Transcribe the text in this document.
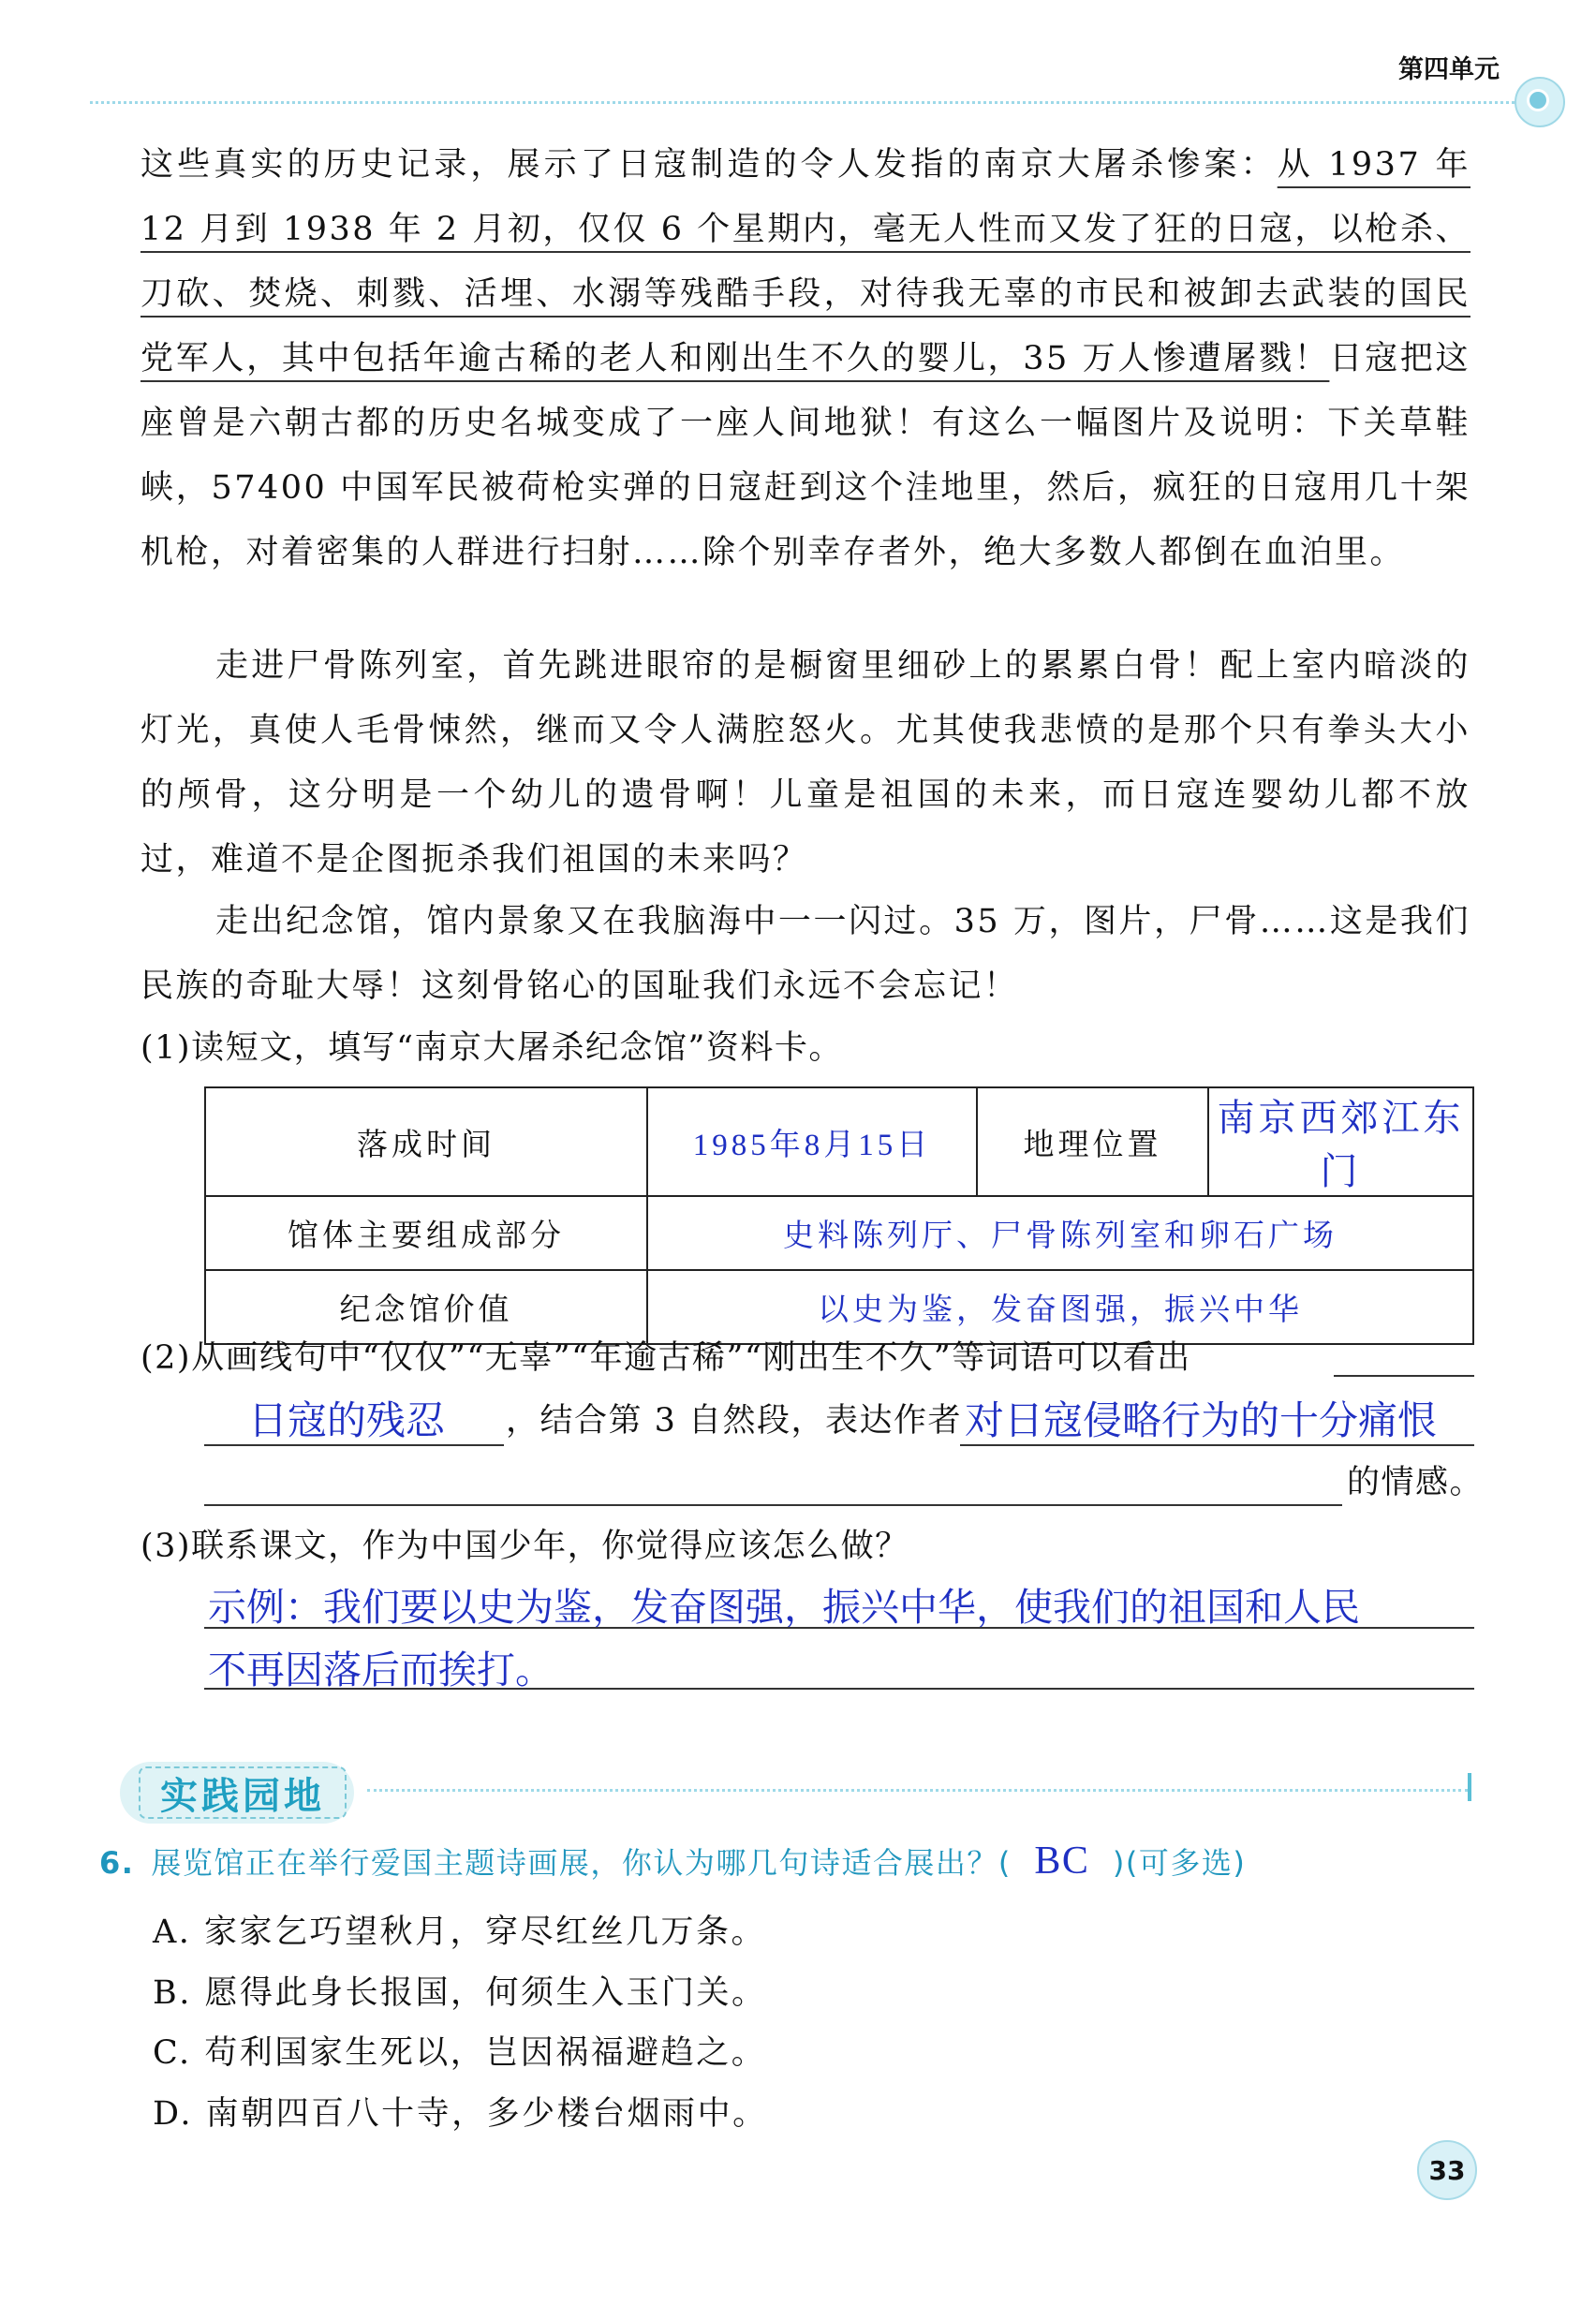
第四单元

这些真实的历史记录，展示了日寇制造的令人发指的南京大屠杀惨案：从 1937 年 12 月到 1938 年 2 月初，仅仅 6 个星期内，毫无人性而又发了狂的日寇，以枪杀、刀砍、焚烧、刺戮、活埋、水溺等残酷手段，对待我无辜的市民和被卸去武装的国民党军人，其中包括年逾古稀的老人和刚出生不久的婴儿，35 万人惨遭屠戮！日寇把这座曾是六朝古都的历史名城变成了一座人间地狱！有这么一幅图片及说明：下关草鞋峡，57400 中国军民被荷枪实弹的日寇赶到这个洼地里，然后，疯狂的日寇用几十架机枪，对着密集的人群进行扫射……除个别幸存者外，绝大多数人都倒在血泊里。

走进尸骨陈列室，首先跳进眼帘的是橱窗里细砂上的累累白骨！配上室内暗淡的灯光，真使人毛骨悚然，继而又令人满腔怒火。尤其使我悲愤的是那个只有拳头大小的颅骨，这分明是一个幼儿的遗骨啊！儿童是祖国的未来，而日寇连婴幼儿都不放过，难道不是企图扼杀我们祖国的未来吗？

走出纪念馆，馆内景象又在我脑海中一一闪过。35 万，图片，尸骨……这是我们民族的奇耻大辱！这刻骨铭心的国耻我们永远不会忘记！

(1)读短文，填写“南京大屠杀纪念馆”资料卡。

落成时间	1985年8月15日	地理位置	南京西郊江东门
馆体主要组成部分	史料陈列厅、尸骨陈列室和卵石广场		
纪念馆价值	以史为鉴，发奋图强，振兴中华		

(2)从画线句中“仅仅”“无辜”“年逾古稀”“刚出生不久”等词语可以看出

日寇的残忍 ，结合第 3 自然段，表达作者 对日寇侵略行为的十分痛恨

的情感。

(3)联系课文，作为中国少年，你觉得应该怎么做？

示例：我们要以史为鉴，发奋图强，振兴中华，使我们的祖国和人民
不再因落后而挨打。
实践园地
6. 展览馆正在举行爱国主题诗画展，你认为哪几句诗适合展出？( BC )(可多选)
A. 家家乞巧望秋月，穿尽红丝几万条。
B. 愿得此身长报国，何须生入玉门关。
C. 苟利国家生死以，岂因祸福避趋之。
D. 南朝四百八十寺，多少楼台烟雨中。
33
